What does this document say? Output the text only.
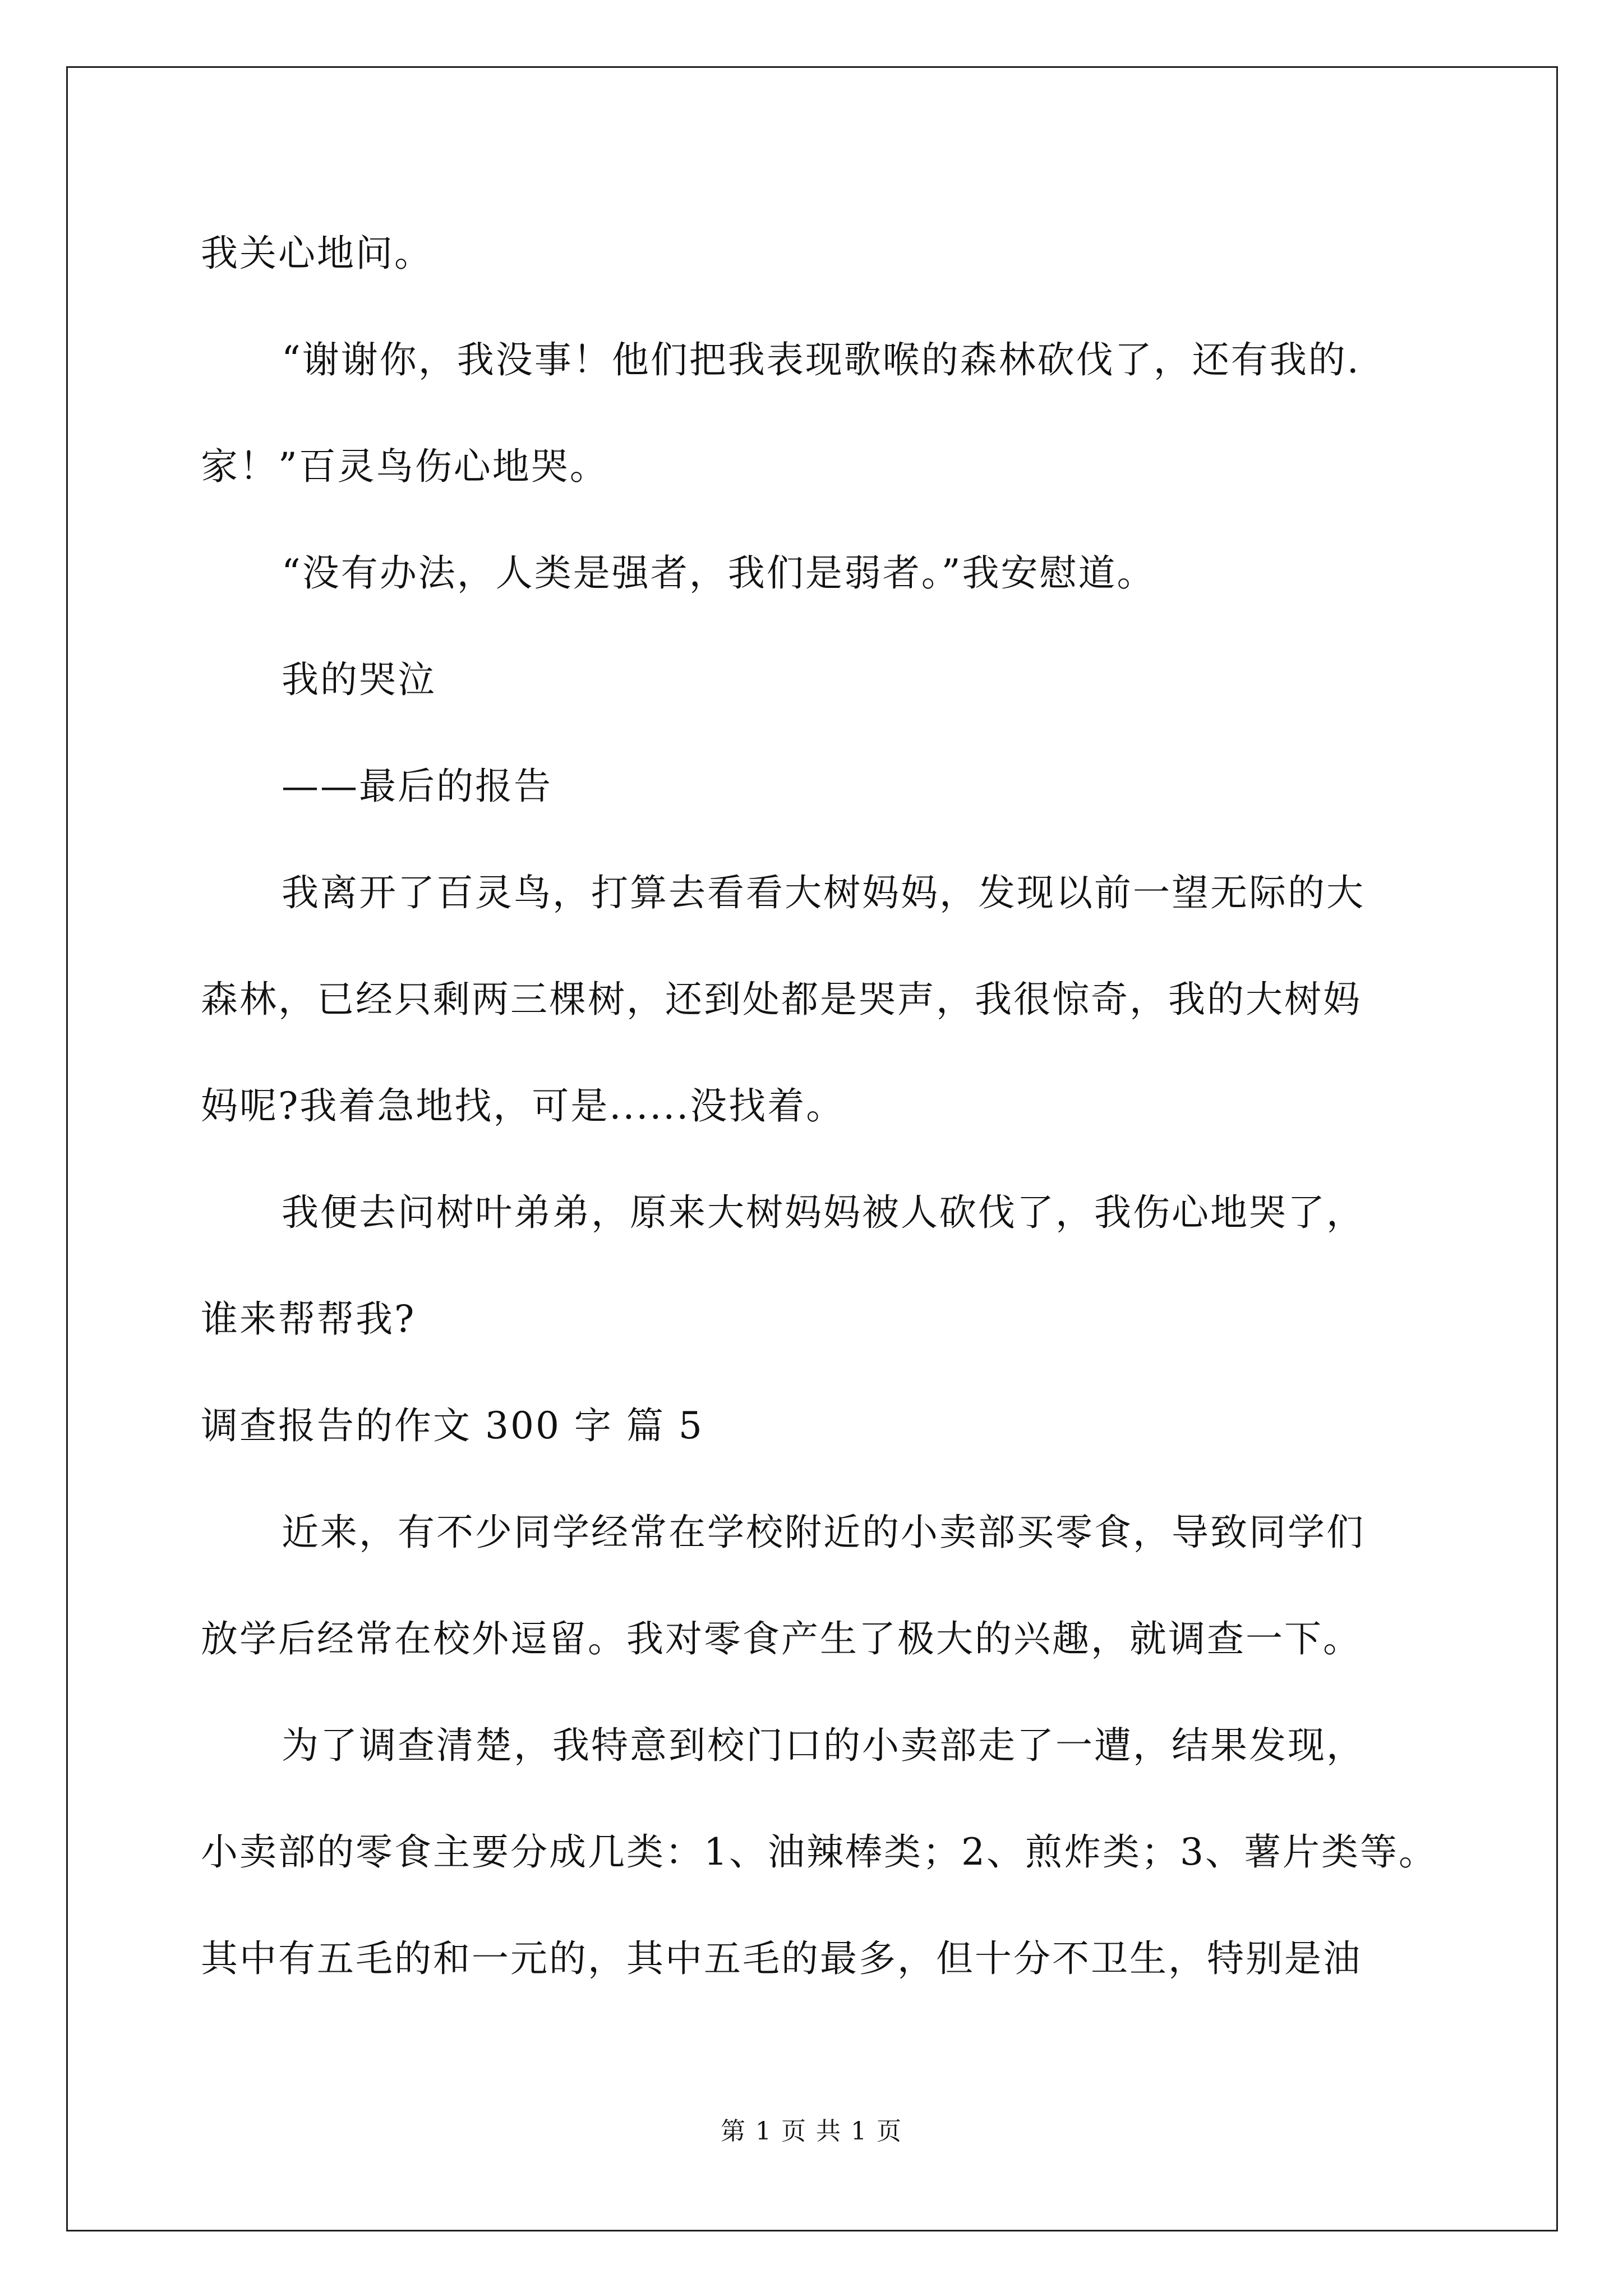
我关心地问。
“谢谢你，我没事！他们把我表现歌喉的森林砍伐了，还有我的.
家！”百灵鸟伤心地哭。
“没有办法，人类是强者，我们是弱者。”我安慰道。
我的哭泣
——最后的报告
我离开了百灵鸟，打算去看看大树妈妈，发现以前一望无际的大
森林，已经只剩两三棵树，还到处都是哭声，我很惊奇，我的大树妈
妈呢?我着急地找，可是......没找着。
我便去问树叶弟弟，原来大树妈妈被人砍伐了，我伤心地哭了，
谁来帮帮我?
调查报告的作文 300 字 篇 5
近来，有不少同学经常在学校附近的小卖部买零食，导致同学们
放学后经常在校外逗留。我对零食产生了极大的兴趣，就调查一下。
为了调查清楚，我特意到校门口的小卖部走了一遭，结果发现，
小卖部的零食主要分成几类：1、油辣棒类；2、煎炸类；3、薯片类等。
其中有五毛的和一元的，其中五毛的最多，但十分不卫生，特别是油
第 1 页 共 1 页
